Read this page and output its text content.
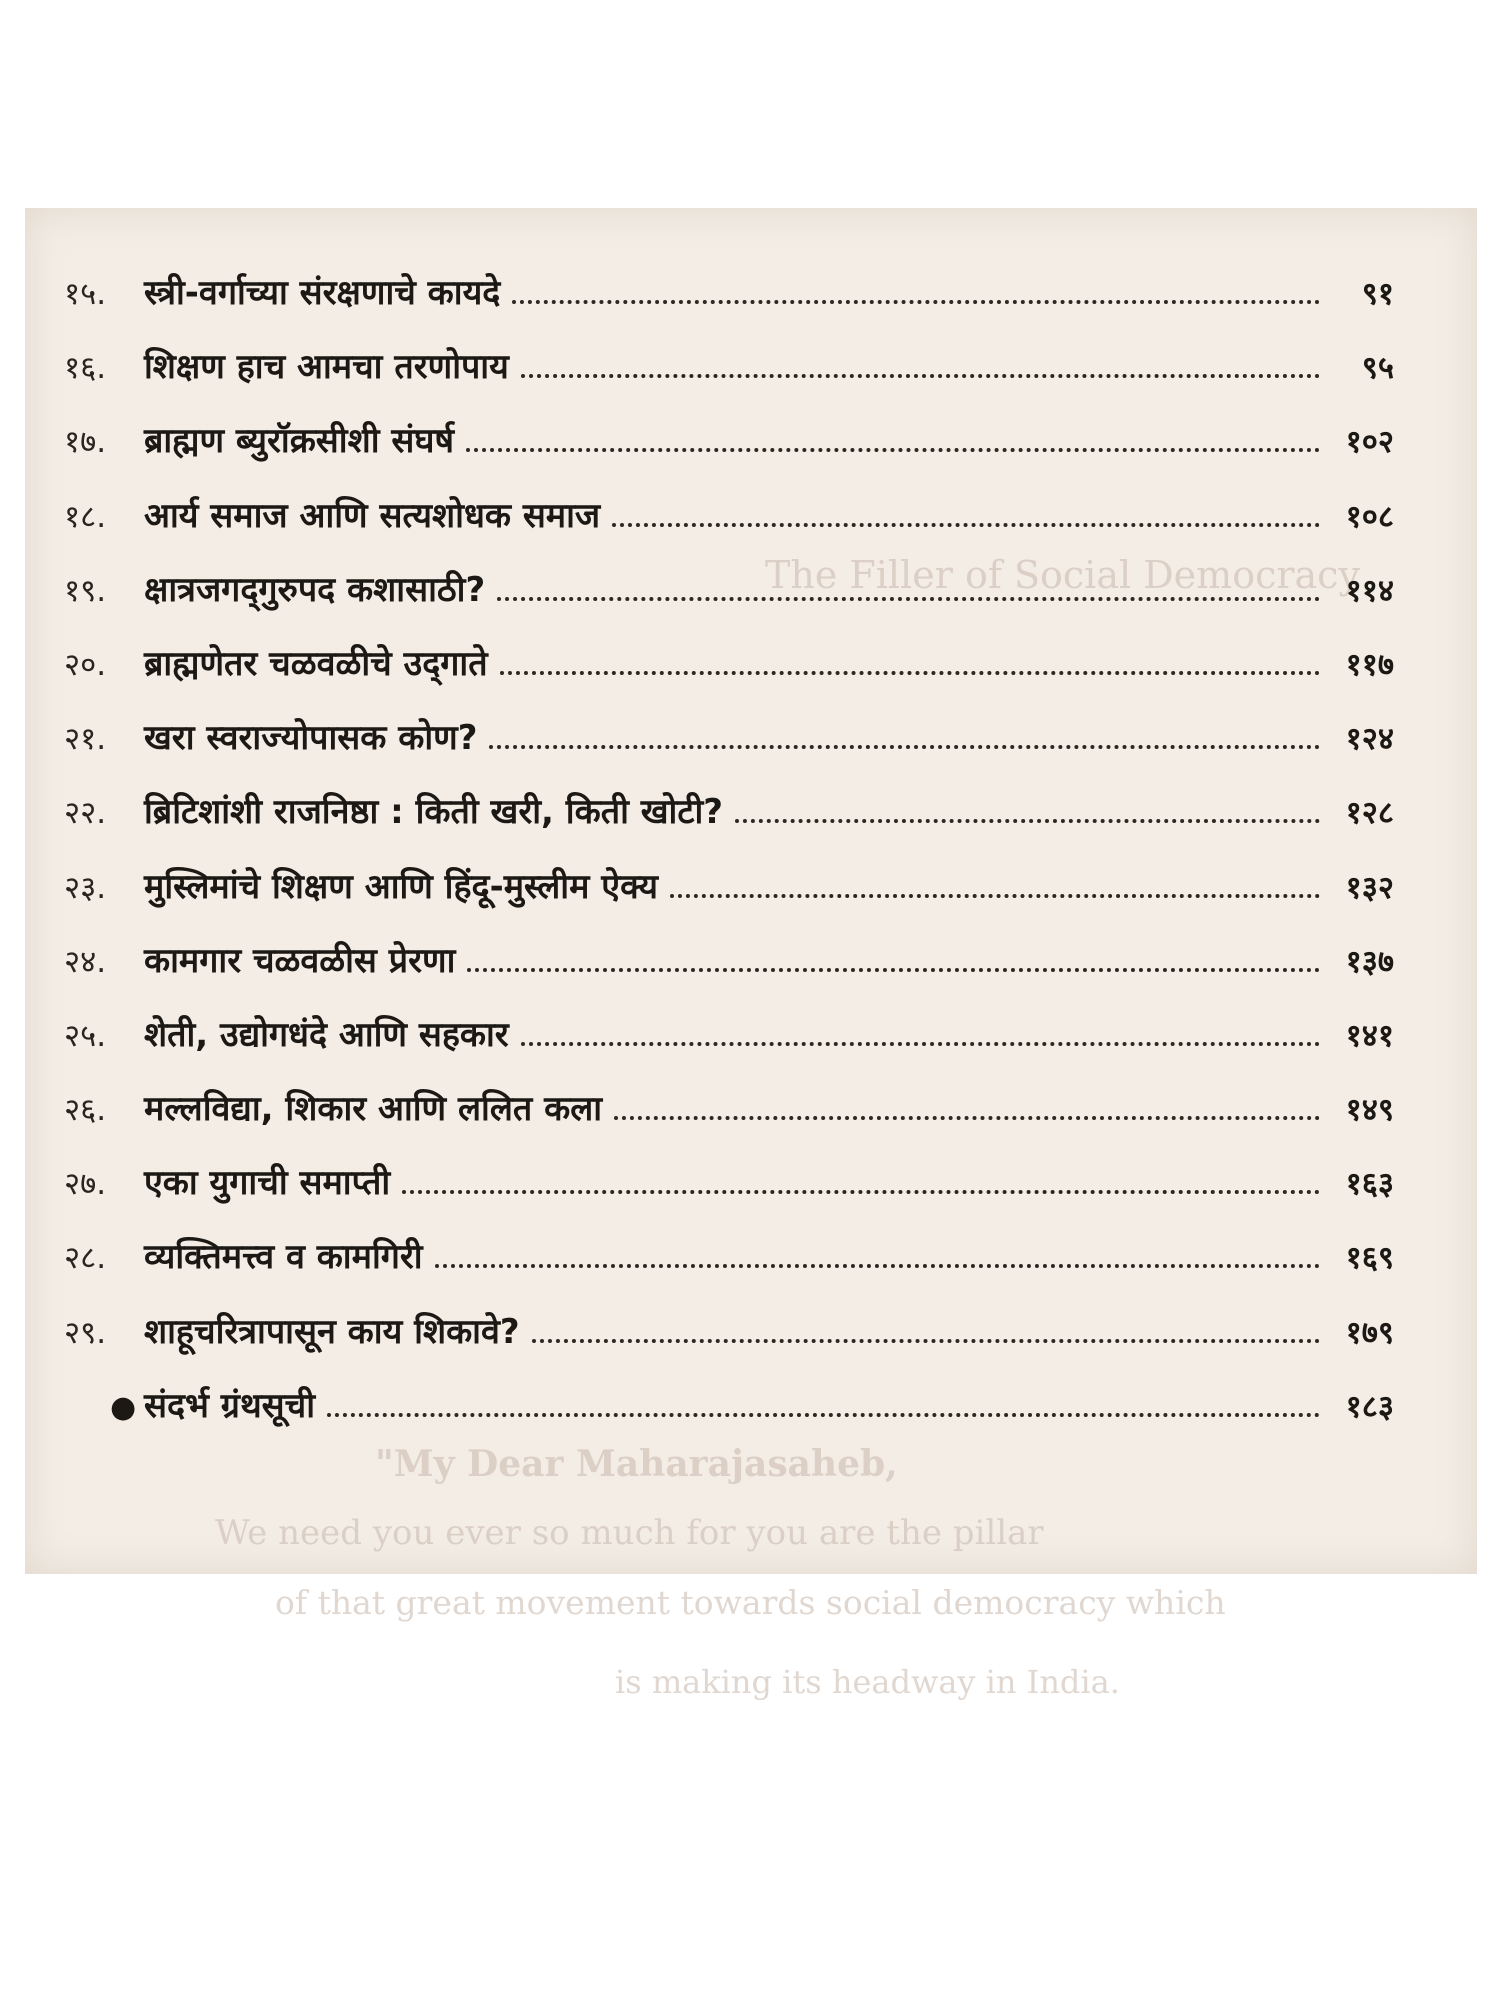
The Filler of Social Democracy
"My Dear Maharajasaheb,
We need you ever so much for you are the pillar
of that great movement towards social democracy which
is making its headway in India.
१५.	स्त्री-वर्गाच्या संरक्षणाचे कायदे	९१
१६.	शिक्षण हाच आमचा तरणोपाय	९५
१७.	ब्राह्मण ब्युरॉक्रसीशी संघर्ष	१०२
१८.	आर्य समाज आणि सत्यशोधक समाज	१०८
१९.	क्षात्रजगद्‌गुरुपद कशासाठी?	११४
२०.	ब्राह्मणेतर चळवळीचे उद्‌गाते	११७
२१.	खरा स्वराज्योपासक कोण?	१२४
२२.	ब्रिटिशांशी राजनिष्ठा : किती खरी, किती खोटी?	१२८
२३.	मुस्लिमांचे शिक्षण आणि हिंदू-मुस्लीम ऐक्य	१३२
२४.	कामगार चळवळीस प्रेरणा	१३७
२५.	शेती, उद्योगधंदे आणि सहकार	१४१
२६.	मल्लविद्या, शिकार आणि ललित कला	१४९
२७.	एका युगाची समाप्ती	१६३
२८.	व्यक्तिमत्त्व व कामगिरी	१६९
२९.	शाहूचरित्रापासून काय शिकावे?	१७९
● संदर्भ ग्रंथसूची	१८३
